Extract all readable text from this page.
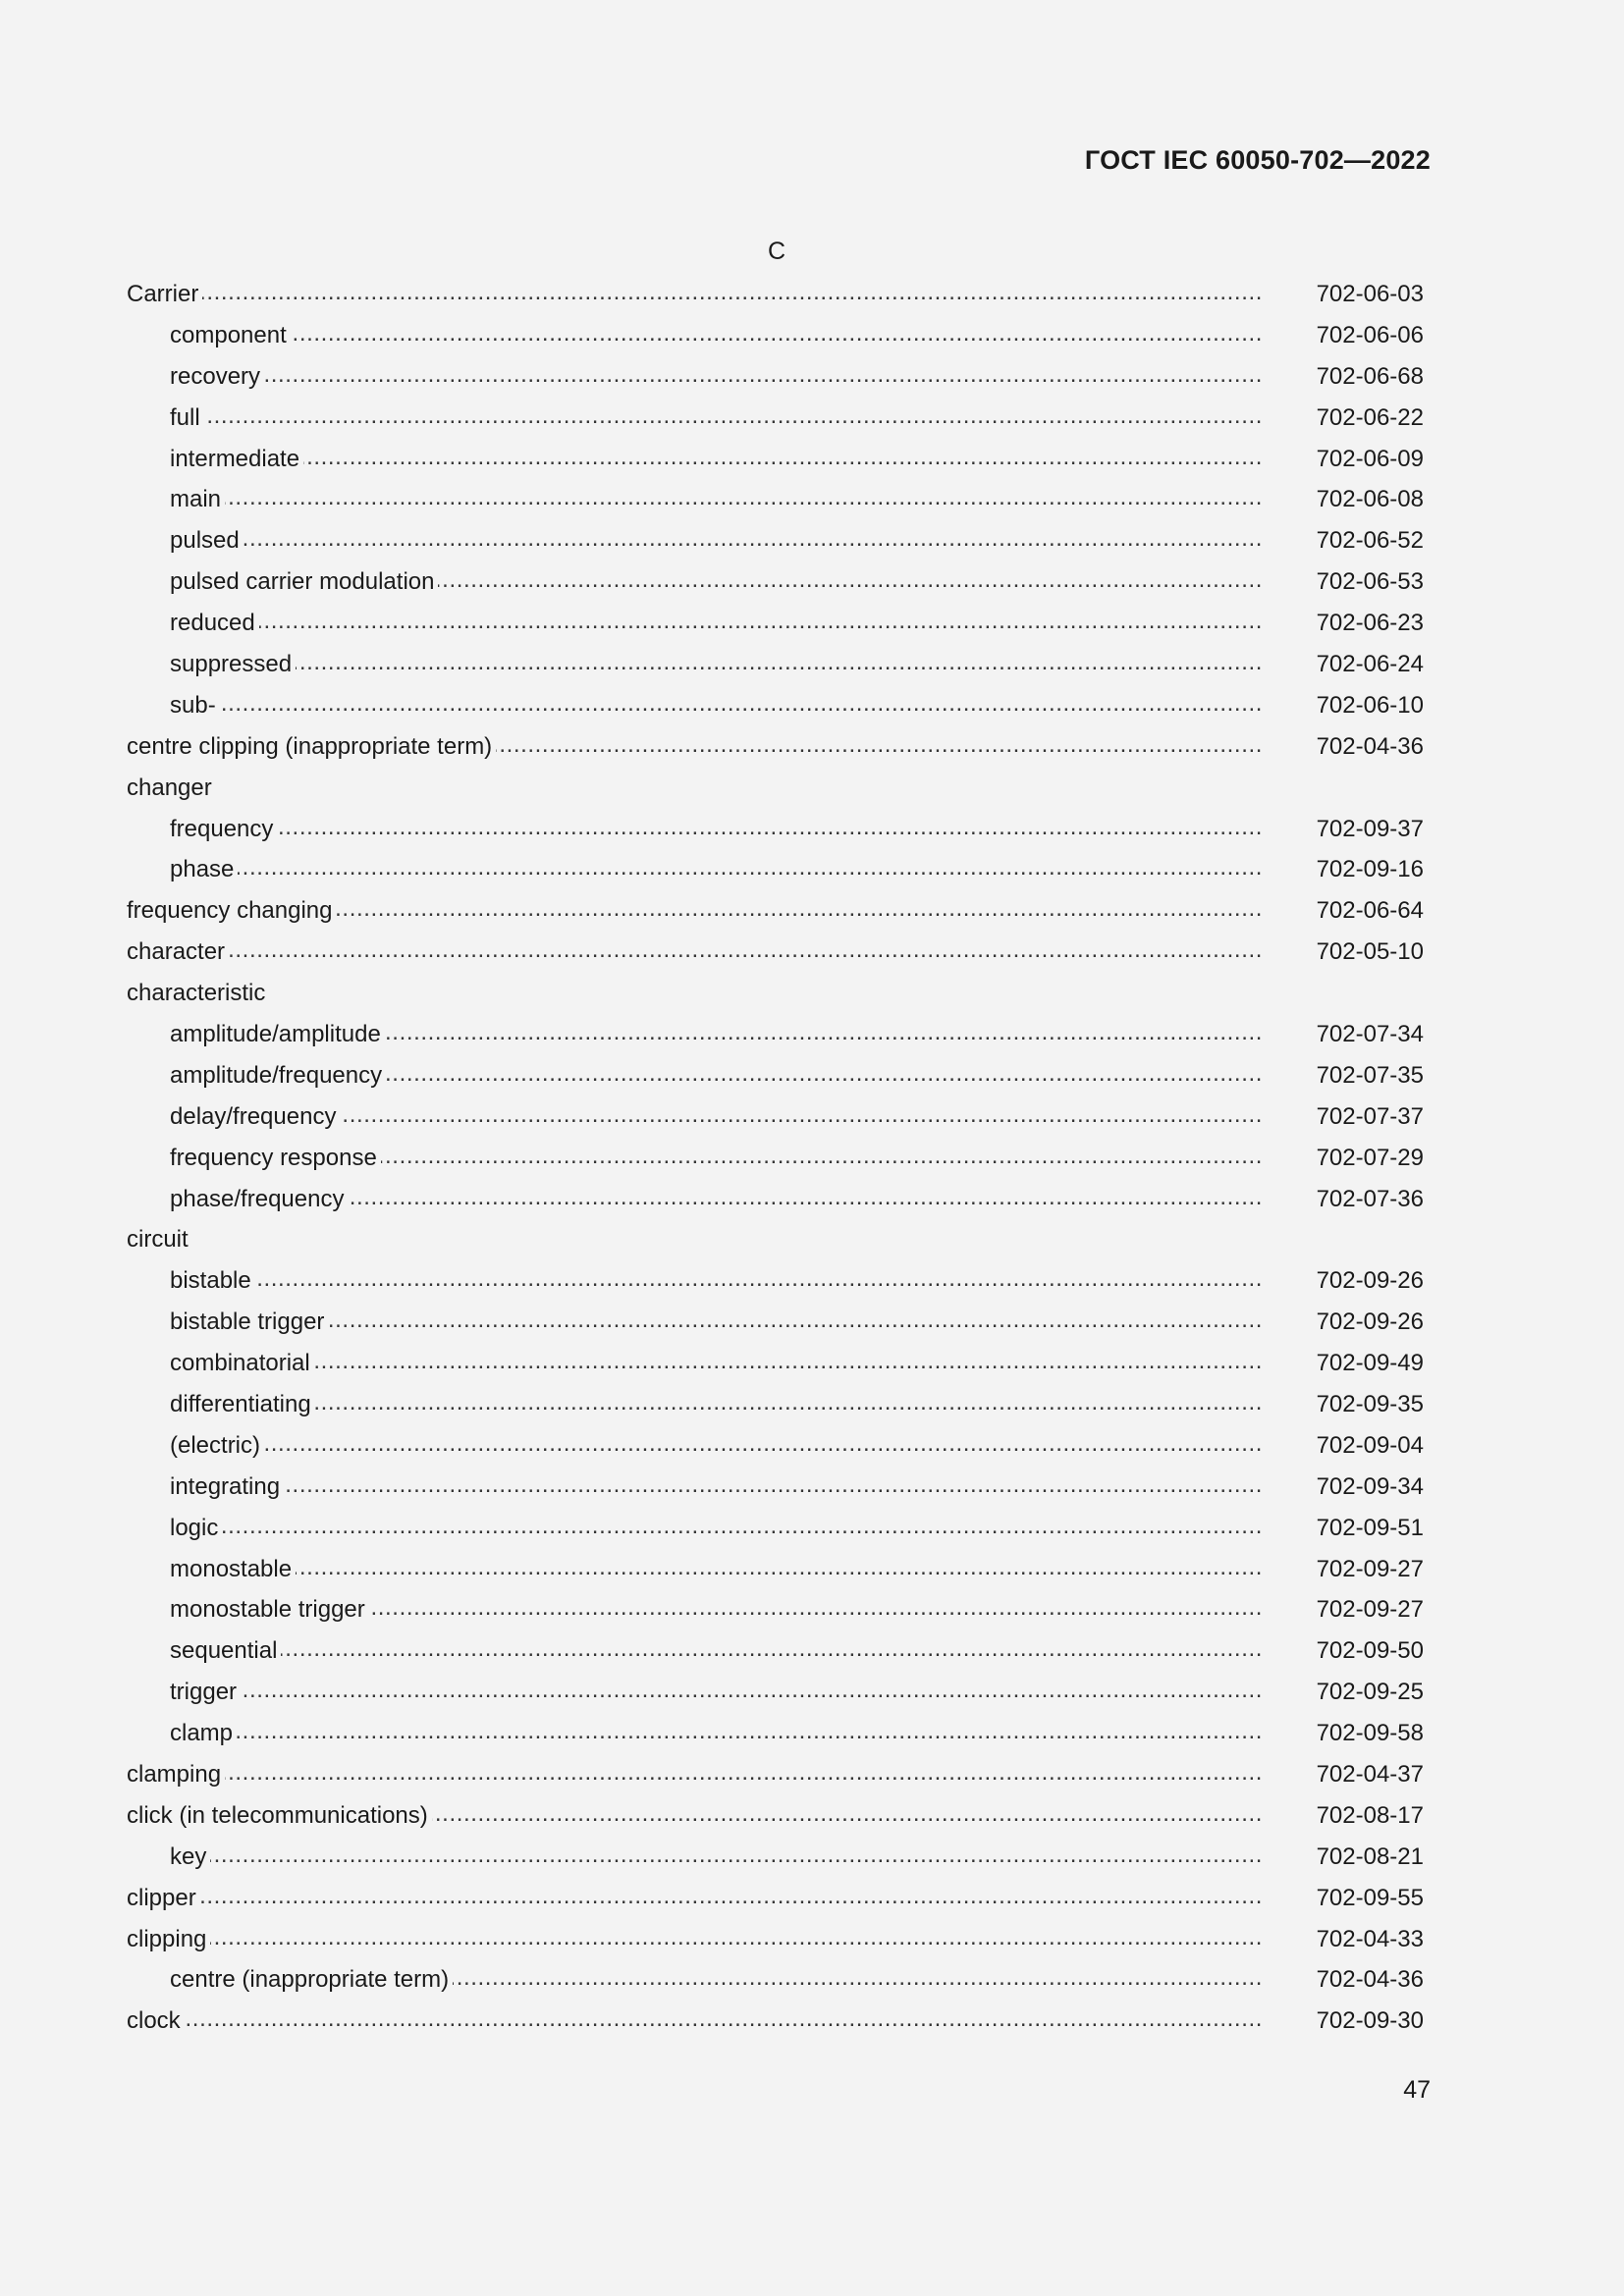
ГОСТ IEC 60050-702—2022
C
Carrier .....	702-06-03
component .....	702-06-06
recovery .....	702-06-68
full .....	702-06-22
intermediate .....	702-06-09
main .....	702-06-08
pulsed .....	702-06-52
pulsed carrier modulation .....	702-06-53
reduced .....	702-06-23
suppressed .....	702-06-24
sub- .....	702-06-10
centre clipping (inappropriate term) .....	702-04-36
changer
frequency .....	702-09-37
phase .....	702-09-16
frequency changing .....	702-06-64
character .....	702-05-10
characteristic
amplitude/amplitude .....	702-07-34
amplitude/frequency .....	702-07-35
delay/frequency .....	702-07-37
frequency response .....	702-07-29
phase/frequency .....	702-07-36
circuit
bistable .....	702-09-26
bistable trigger .....	702-09-26
combinatorial .....	702-09-49
differentiating .....	702-09-35
(electric) .....	702-09-04
integrating .....	702-09-34
logic .....	702-09-51
monostable .....	702-09-27
monostable trigger .....	702-09-27
sequential .....	702-09-50
trigger .....	702-09-25
clamp .....	702-09-58
clamping .....	702-04-37
click (in telecommunications) .....	702-08-17
key .....	702-08-21
clipper .....	702-09-55
clipping .....	702-04-33
centre (inappropriate term) .....	702-04-36
clock .....	702-09-30
47
